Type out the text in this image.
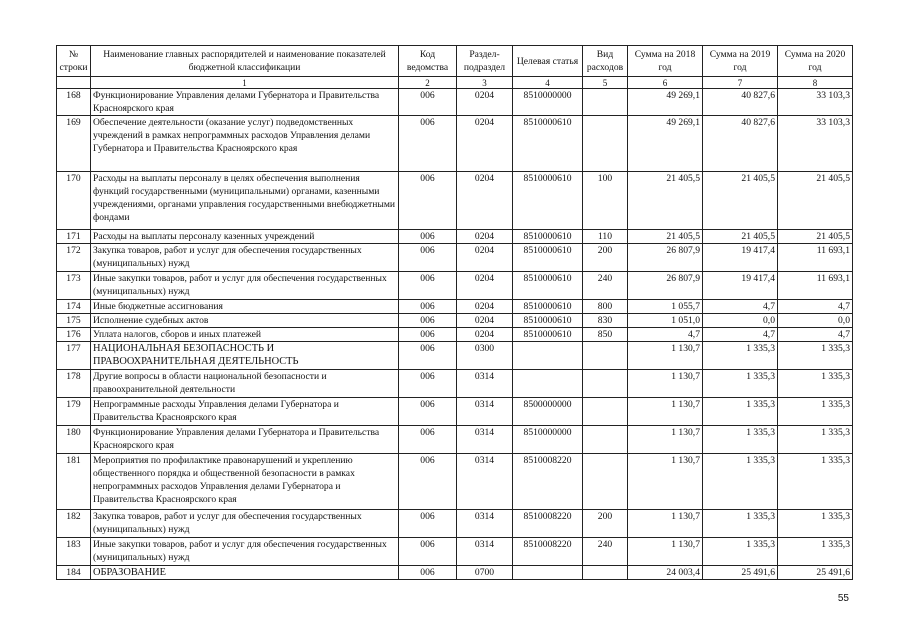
№ строки	Наименование главных распорядителей и наименование показателей бюджетной классификации	Код ведомства	Раздел-подраздел	Целевая статья	Вид расходов	Сумма на 2018 год	Сумма на 2019 год	Сумма на 2020 год
	1	2	3	4	5	6	7	8
168	Функционирование Управления делами Губернатора и Правительства Красноярского края	006	0204	8510000000		49 269,1	40 827,6	33 103,3
169	Обеспечение деятельности (оказание услуг) подведомственных учреждений в рамках непрограммных расходов Управления делами Губернатора и Правительства Красноярского края	006	0204	8510000610		49 269,1	40 827,6	33 103,3
170	Расходы на выплаты персоналу в целях обеспечения выполнения функций государственными (муниципальными) органами, казенными учреждениями, органами управления государственными внебюджетными фондами	006	0204	8510000610	100	21 405,5	21 405,5	21 405,5
171	Расходы на выплаты персоналу казенных учреждений	006	0204	8510000610	110	21 405,5	21 405,5	21 405,5
172	Закупка товаров, работ и услуг для обеспечения государственных (муниципальных) нужд	006	0204	8510000610	200	26 807,9	19 417,4	11 693,1
173	Иные закупки товаров, работ и услуг для обеспечения государственных (муниципальных) нужд	006	0204	8510000610	240	26 807,9	19 417,4	11 693,1
174	Иные бюджетные ассигнования	006	0204	8510000610	800	1 055,7	4,7	4,7
175	Исполнение судебных актов	006	0204	8510000610	830	1 051,0	0,0	0,0
176	Уплата налогов, сборов и иных платежей	006	0204	8510000610	850	4,7	4,7	4,7
177	НАЦИОНАЛЬНАЯ БЕЗОПАСНОСТЬ И ПРАВООХРАНИТЕЛЬНАЯ ДЕЯТЕЛЬНОСТЬ	006	0300			1 130,7	1 335,3	1 335,3
178	Другие вопросы в области национальной безопасности и правоохранительной деятельности	006	0314			1 130,7	1 335,3	1 335,3
179	Непрограммные расходы Управления делами Губернатора и Правительства Красноярского края	006	0314	8500000000		1 130,7	1 335,3	1 335,3
180	Функционирование Управления делами Губернатора и Правительства Красноярского края	006	0314	8510000000		1 130,7	1 335,3	1 335,3
181	Мероприятия по профилактике правонарушений и укреплению общественного порядка и общественной безопасности в рамках непрограммных расходов Управления делами Губернатора и Правительства Красноярского края	006	0314	8510008220		1 130,7	1 335,3	1 335,3
182	Закупка товаров, работ и услуг для обеспечения государственных (муниципальных) нужд	006	0314	8510008220	200	1 130,7	1 335,3	1 335,3
183	Иные закупки товаров, работ и услуг для обеспечения государственных (муниципальных) нужд	006	0314	8510008220	240	1 130,7	1 335,3	1 335,3
184	ОБРАЗОВАНИЕ	006	0700			24 003,4	25 491,6	25 491,6
55
